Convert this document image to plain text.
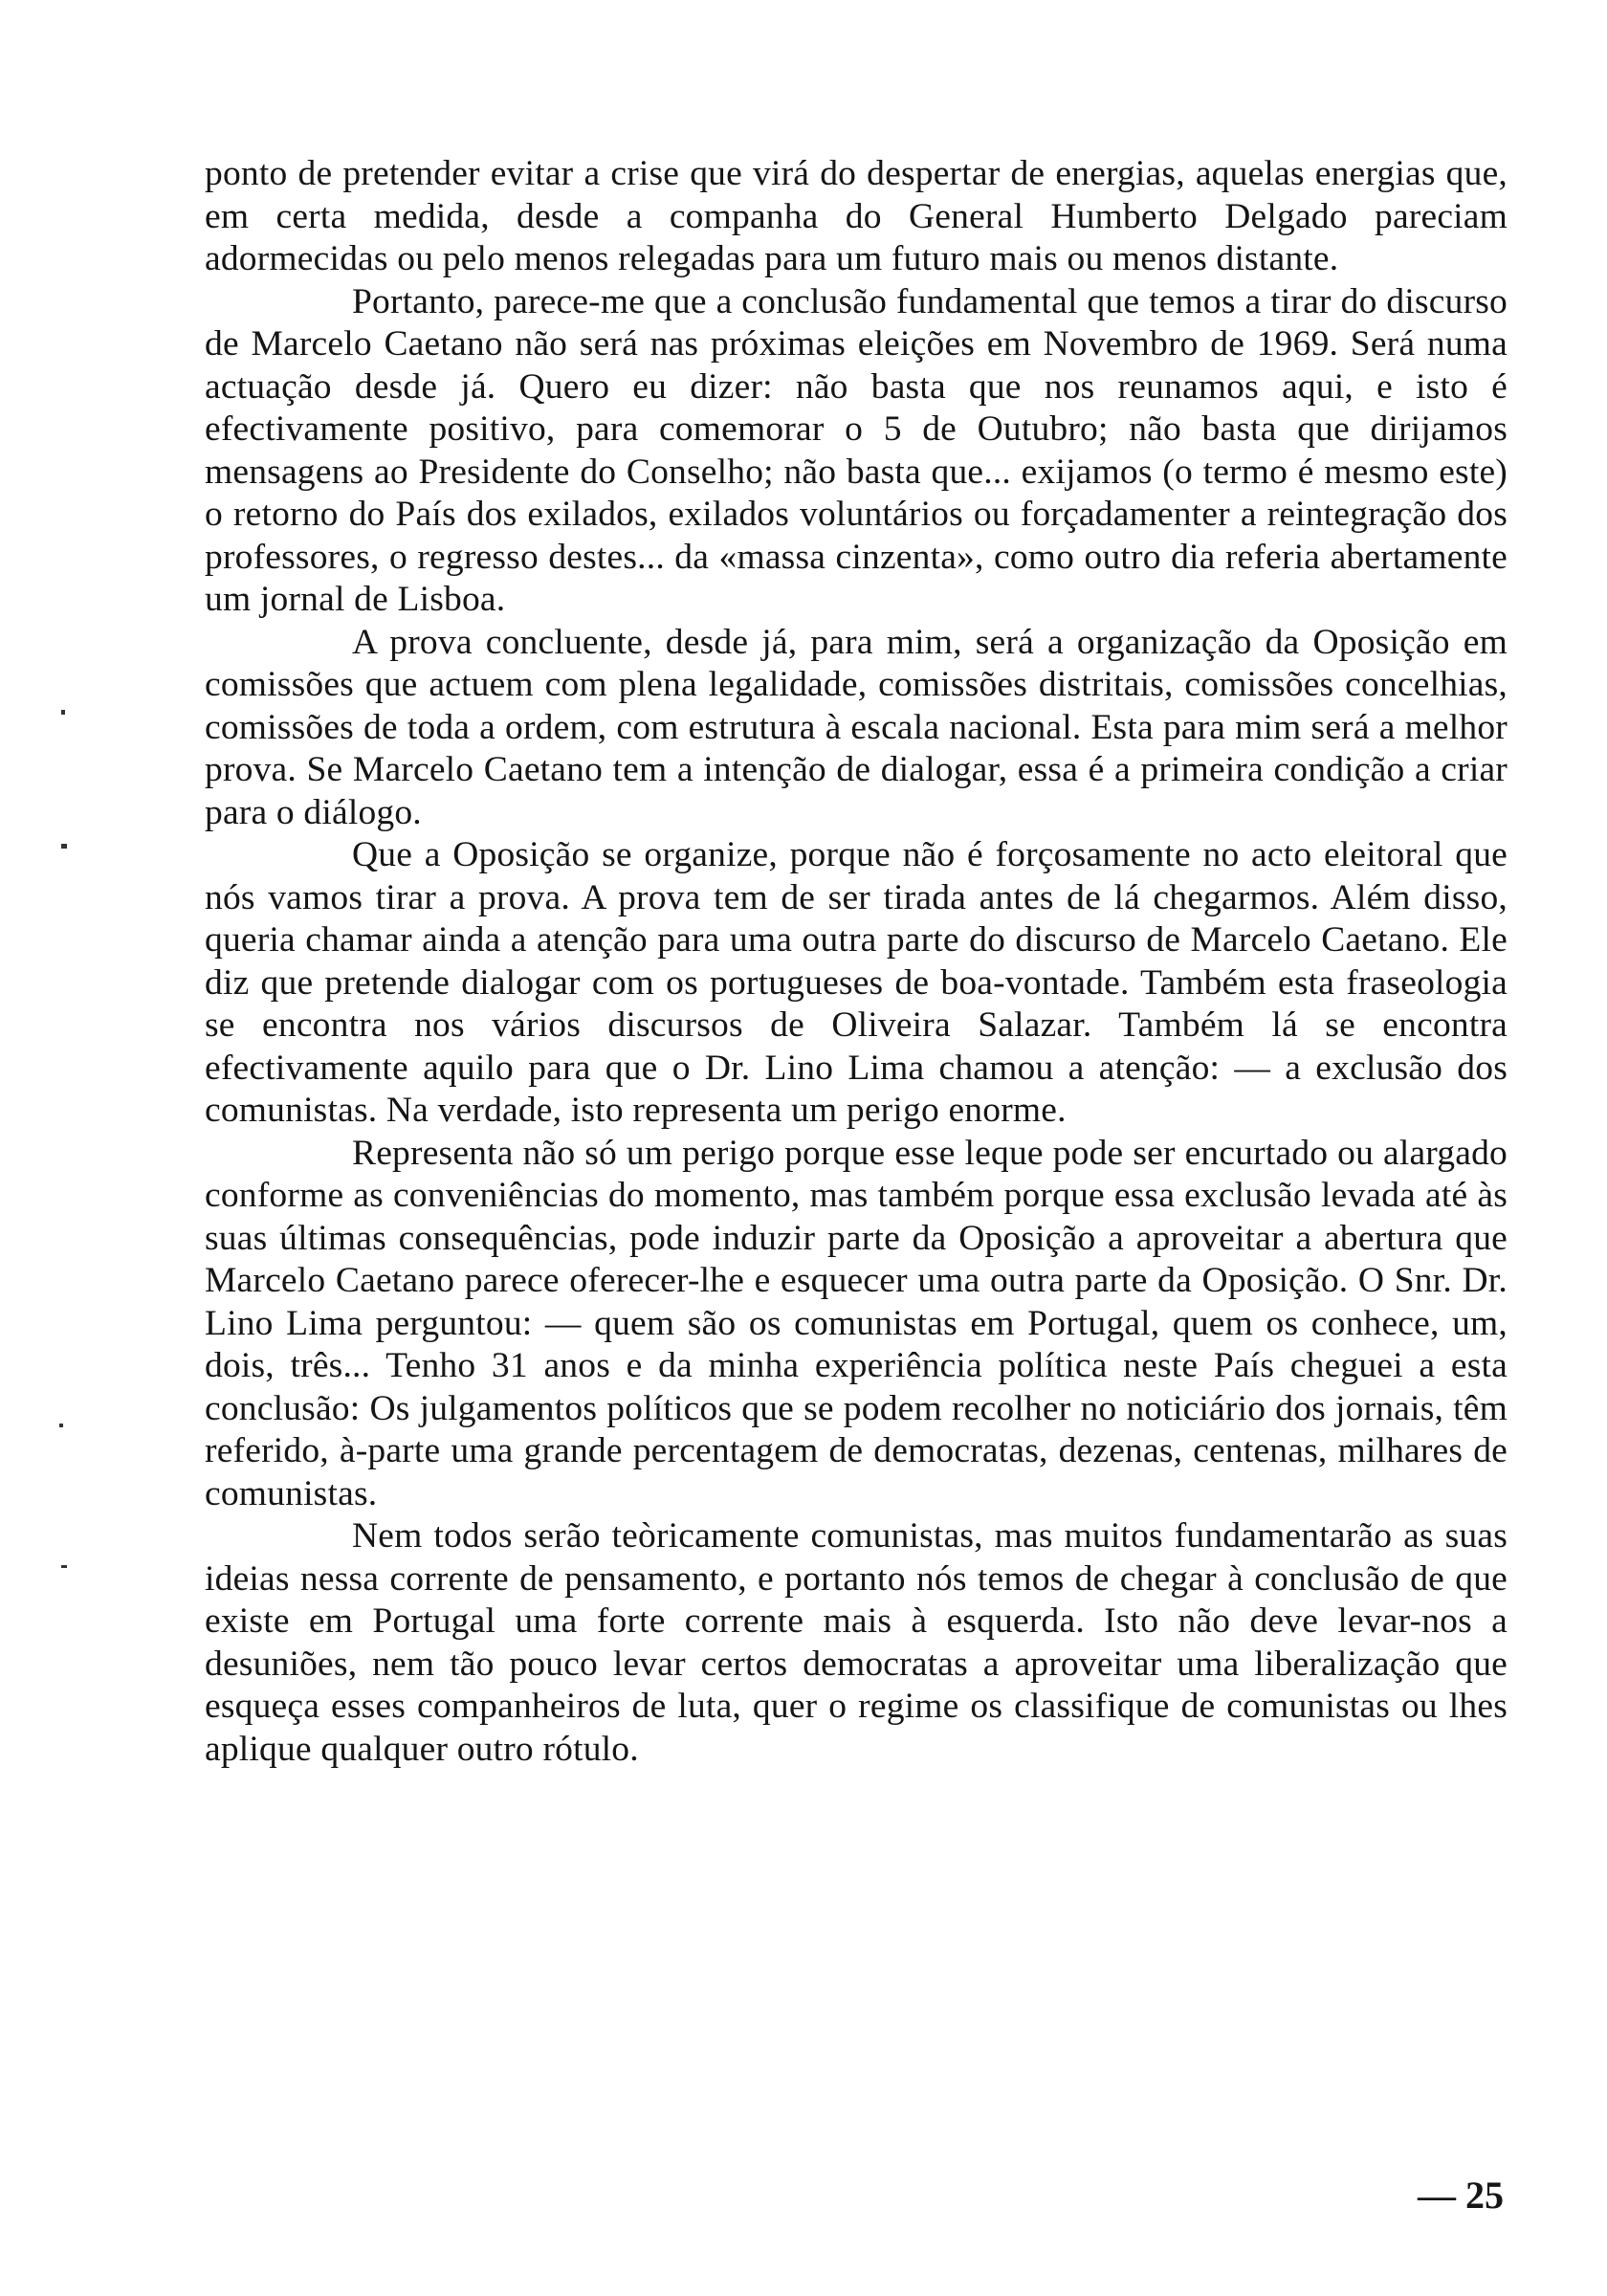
ponto de pretender evitar a crise que virá do despertar de energias, aquelas energias que, em certa medida, desde a companha do General Humberto Delgado pareciam adormecidas ou pelo menos relegadas para um futuro mais ou menos distante.

Portanto, parece-me que a conclusão fundamental que temos a tirar do discurso de Marcelo Caetano não será nas próximas eleições em Novembro de 1969. Será numa actuação desde já. Quero eu dizer: não basta que nos reunamos aqui, e isto é efectivamente positivo, para comemorar o 5 de Outubro; não basta que dirijamos mensagens ao Presidente do Conselho; não basta que... exijamos (o termo é mesmo este) o retorno do País dos exilados, exilados voluntários ou forçadamenter a reintegração dos professores, o regresso destes... da «massa cinzenta», como outro dia referia abertamente um jornal de Lisboa.

A prova concluente, desde já, para mim, será a organização da Oposição em comissões que actuem com plena legalidade, comissões distritais, comissões concelhias, comissões de toda a ordem, com estrutura à escala nacional. Esta para mim será a melhor prova. Se Marcelo Caetano tem a intenção de dialogar, essa é a primeira condição a criar para o diálogo.

Que a Oposição se organize, porque não é forçosamente no acto eleitoral que nós vamos tirar a prova. A prova tem de ser tirada antes de lá chegarmos. Além disso, queria chamar ainda a atenção para uma outra parte do discurso de Marcelo Caetano. Ele diz que pretende dialogar com os portugueses de boa-vontade. Também esta fraseologia se encontra nos vários discursos de Oliveira Salazar. Também lá se encontra efectivamente aquilo para que o Dr. Lino Lima chamou a atenção: — a exclusão dos comunistas. Na verdade, isto representa um perigo enorme.

Representa não só um perigo porque esse leque pode ser encurtado ou alargado conforme as conveniências do momento, mas também porque essa exclusão levada até às suas últimas consequências, pode induzir parte da Oposição a aproveitar a abertura que Marcelo Caetano parece oferecer-lhe e esquecer uma outra parte da Oposição. O Snr. Dr. Lino Lima perguntou: — quem são os comunistas em Portugal, quem os conhece, um, dois, três... Tenho 31 anos e da minha experiência política neste País cheguei a esta conclusão: Os julgamentos políticos que se podem recolher no noticiário dos jornais, têm referido, à-parte uma grande percentagem de democratas, dezenas, centenas, milhares de comunistas.

Nem todos serão teòricamente comunistas, mas muitos fundamentarão as suas ideias nessa corrente de pensamento, e portanto nós temos de chegar à conclusão de que existe em Portugal uma forte corrente mais à esquerda. Isto não deve levar-nos a desuniões, nem tão pouco levar certos democratas a aproveitar uma liberalização que esqueça esses companheiros de luta, quer o regime os classifique de comunistas ou lhes aplique qualquer outro rótulo.

— 25
